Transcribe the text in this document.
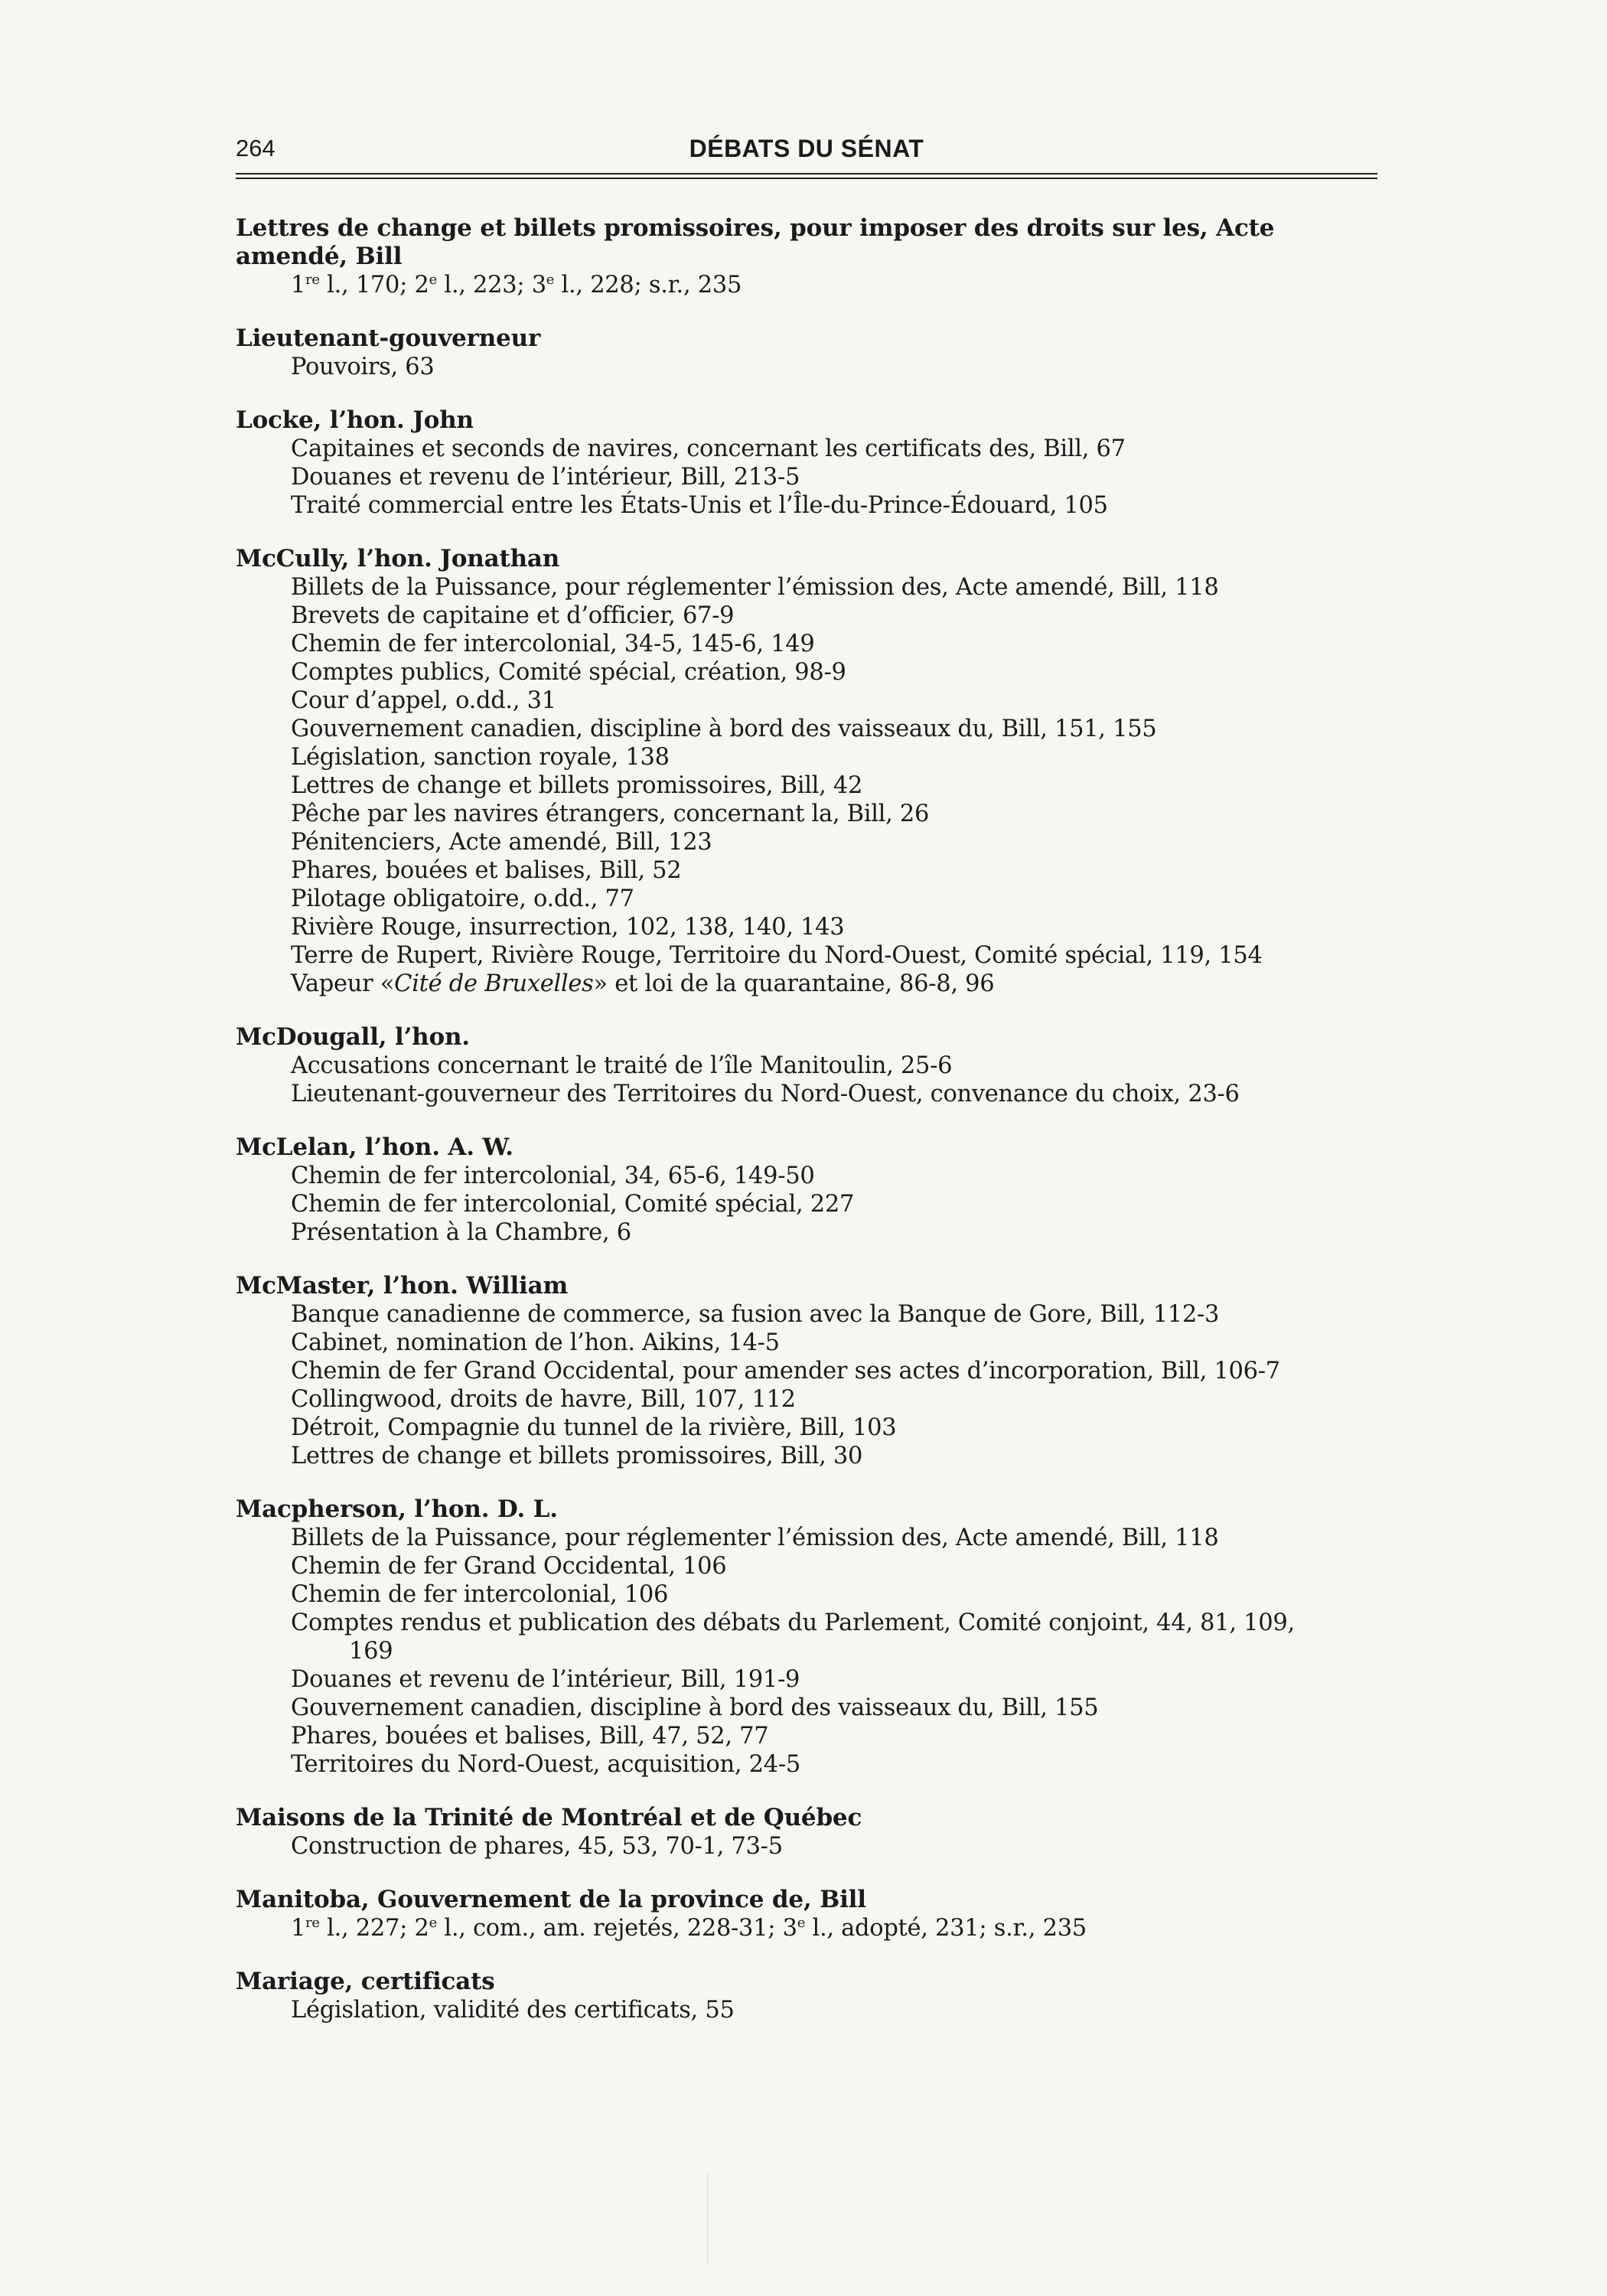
264	DÉBATS DU SÉNAT
Lettres de change et billets promissoires, pour imposer des droits sur les, Acte
amendé, Bill
1re l., 170; 2e l., 223; 3e l., 228; s.r., 235
Lieutenant-gouverneur
Pouvoirs, 63
Locke, l’hon. John
Capitaines et seconds de navires, concernant les certificats des, Bill, 67
Douanes et revenu de l’intérieur, Bill, 213-5
Traité commercial entre les États-Unis et l’Île-du-Prince-Édouard, 105
McCully, l’hon. Jonathan
Billets de la Puissance, pour réglementer l’émission des, Acte amendé, Bill, 118
Brevets de capitaine et d’officier, 67-9
Chemin de fer intercolonial, 34-5, 145-6, 149
Comptes publics, Comité spécial, création, 98-9
Cour d’appel, o.dd., 31
Gouvernement canadien, discipline à bord des vaisseaux du, Bill, 151, 155
Législation, sanction royale, 138
Lettres de change et billets promissoires, Bill, 42
Pêche par les navires étrangers, concernant la, Bill, 26
Pénitenciers, Acte amendé, Bill, 123
Phares, bouées et balises, Bill, 52
Pilotage obligatoire, o.dd., 77
Rivière Rouge, insurrection, 102, 138, 140, 143
Terre de Rupert, Rivière Rouge, Territoire du Nord-Ouest, Comité spécial, 119, 154
Vapeur «Cité de Bruxelles» et loi de la quarantaine, 86-8, 96
McDougall, l’hon.
Accusations concernant le traité de l’île Manitoulin, 25-6
Lieutenant-gouverneur des Territoires du Nord-Ouest, convenance du choix, 23-6
McLelan, l’hon. A. W.
Chemin de fer intercolonial, 34, 65-6, 149-50
Chemin de fer intercolonial, Comité spécial, 227
Présentation à la Chambre, 6
McMaster, l’hon. William
Banque canadienne de commerce, sa fusion avec la Banque de Gore, Bill, 112-3
Cabinet, nomination de l’hon. Aikins, 14-5
Chemin de fer Grand Occidental, pour amender ses actes d’incorporation, Bill, 106-7
Collingwood, droits de havre, Bill, 107, 112
Détroit, Compagnie du tunnel de la rivière, Bill, 103
Lettres de change et billets promissoires, Bill, 30
Macpherson, l’hon. D. L.
Billets de la Puissance, pour réglementer l’émission des, Acte amendé, Bill, 118
Chemin de fer Grand Occidental, 106
Chemin de fer intercolonial, 106
Comptes rendus et publication des débats du Parlement, Comité conjoint, 44, 81, 109,
169
Douanes et revenu de l’intérieur, Bill, 191-9
Gouvernement canadien, discipline à bord des vaisseaux du, Bill, 155
Phares, bouées et balises, Bill, 47, 52, 77
Territoires du Nord-Ouest, acquisition, 24-5
Maisons de la Trinité de Montréal et de Québec
Construction de phares, 45, 53, 70-1, 73-5
Manitoba, Gouvernement de la province de, Bill
1re l., 227; 2e l., com., am. rejetés, 228-31; 3e l., adopté, 231; s.r., 235
Mariage, certificats
Législation, validité des certificats, 55
